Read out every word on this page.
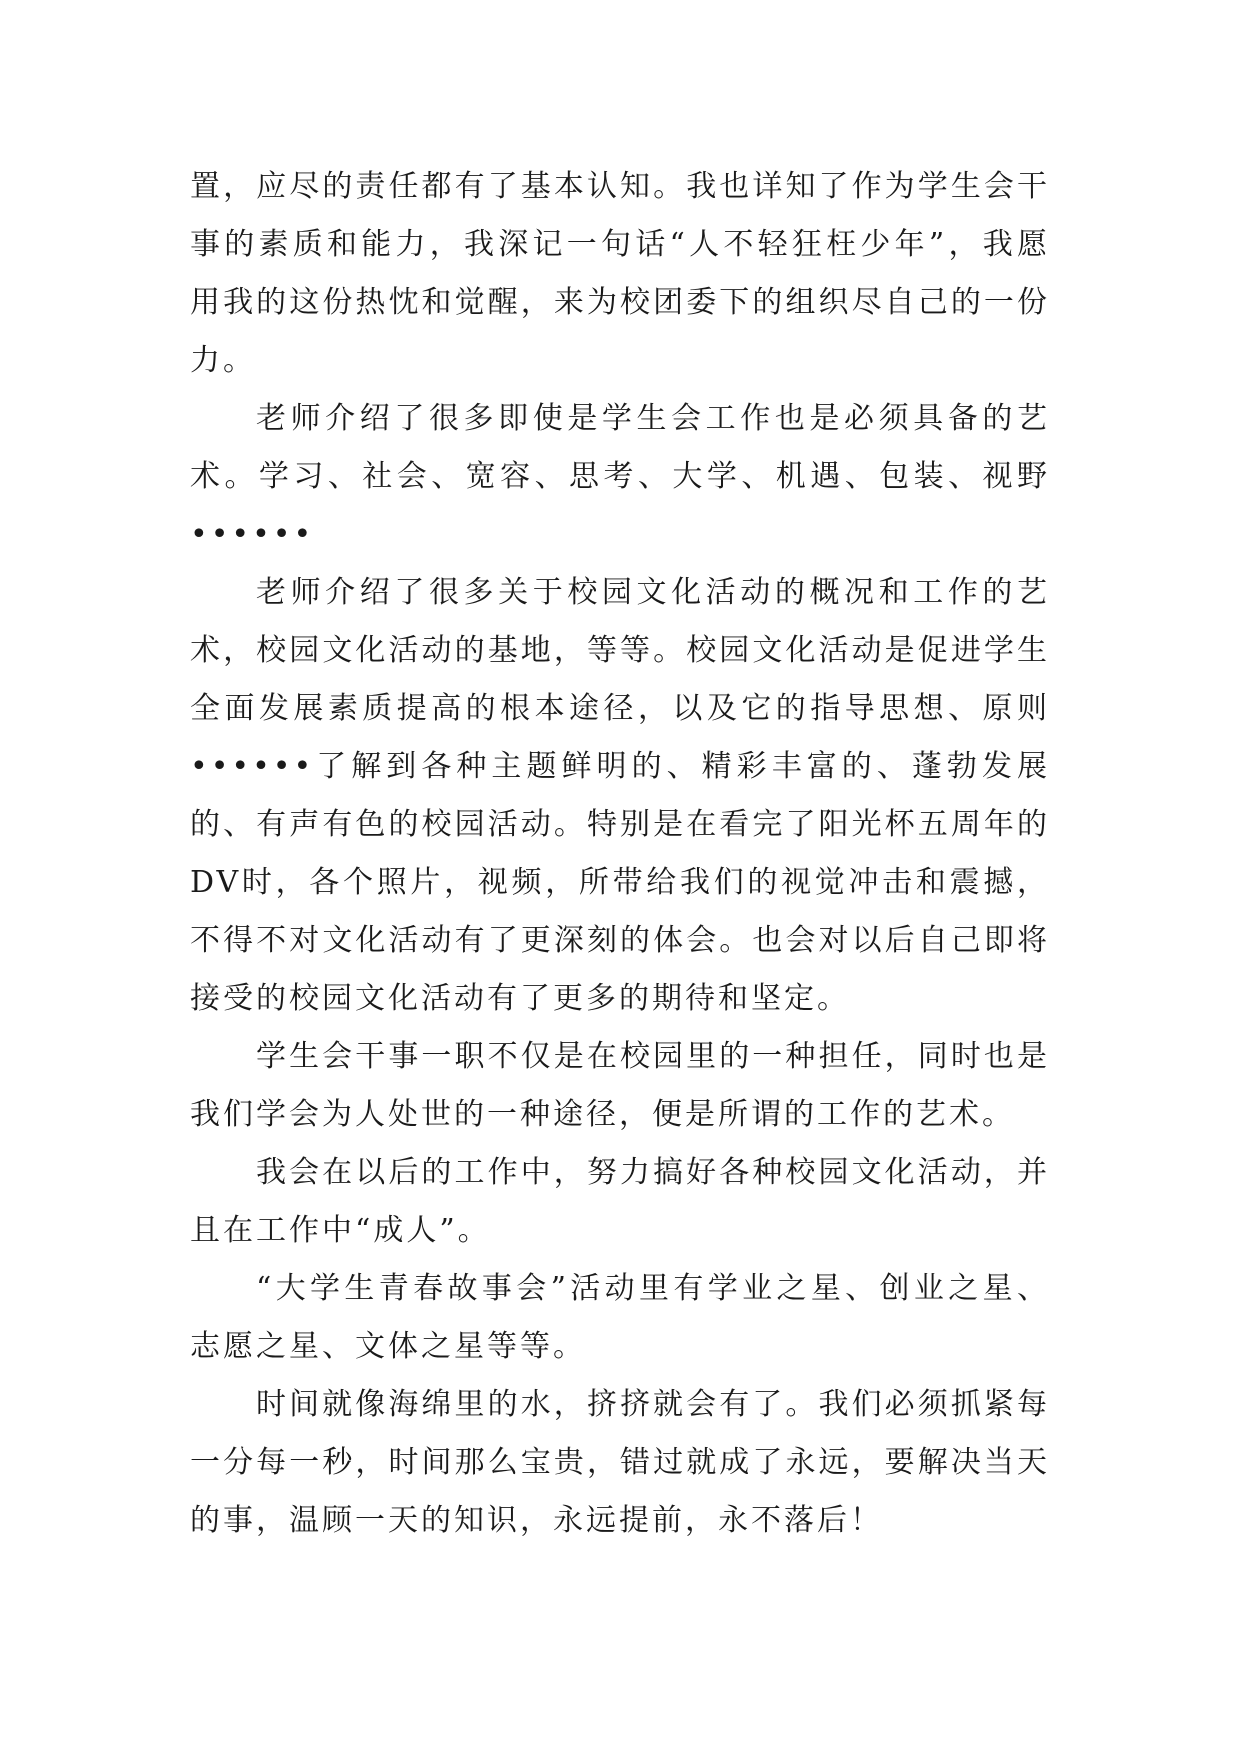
置，应尽的责任都有了基本认知。我也详知了作为学生会干事的素质和能力，我深记一句话“人不轻狂枉少年”，我愿用我的这份热忱和觉醒，来为校团委下的组织尽自己的一份力。

老师介绍了很多即使是学生会工作也是必须具备的艺术。学习、社会、宽容、思考、大学、机遇、包装、视野••••••

老师介绍了很多关于校园文化活动的概况和工作的艺术，校园文化活动的基地，等等。校园文化活动是促进学生全面发展素质提高的根本途径，以及它的指导思想、原则••••••了解到各种主题鲜明的、精彩丰富的、蓬勃发展的、有声有色的校园活动。特别是在看完了阳光杯五周年的DV时，各个照片，视频，所带给我们的视觉冲击和震撼，不得不对文化活动有了更深刻的体会。也会对以后自己即将接受的校园文化活动有了更多的期待和坚定。

学生会干事一职不仅是在校园里的一种担任，同时也是我们学会为人处世的一种途径，便是所谓的工作的艺术。

我会在以后的工作中，努力搞好各种校园文化活动，并且在工作中“成人”。

“大学生青春故事会”活动里有学业之星、创业之星、志愿之星、文体之星等等。

时间就像海绵里的水，挤挤就会有了。我们必须抓紧每一分每一秒，时间那么宝贵，错过就成了永远，要解决当天的事，温顾一天的知识，永远提前，永不落后！
